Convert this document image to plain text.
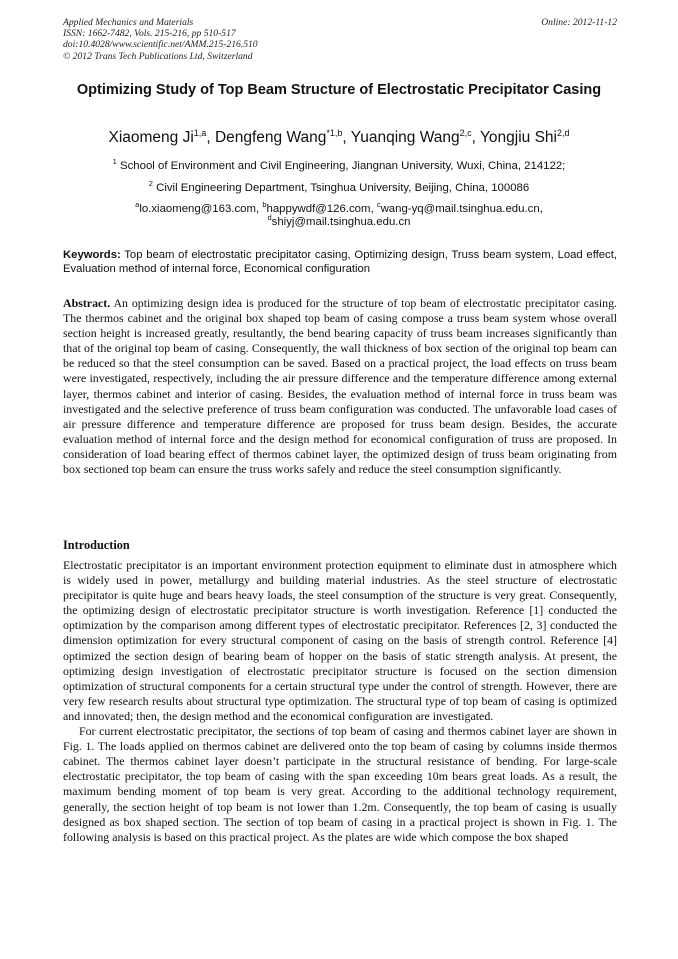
Applied Mechanics and Materials
ISSN: 1662-7482, Vols. 215-216, pp 510-517
doi:10.4028/www.scientific.net/AMM.215-216.510
© 2012 Trans Tech Publications Ltd, Switzerland
Online: 2012-11-12
Optimizing Study of Top Beam Structure of Electrostatic Precipitator Casing
Xiaomeng Ji$^{1,a}$, Dengfeng Wang$^{*1,b}$, Yuanqing Wang$^{2,c}$, Yongjiu Shi$^{2,d}$
$^1$ School of Environment and Civil Engineering, Jiangnan University, Wuxi, China, 214122;
$^2$ Civil Engineering Department, Tsinghua University, Beijing, China, 100086
$^a$lo.xiaomeng@163.com, $^b$happywdf@126.com, $^c$wang-yq@mail.tsinghua.edu.cn,
$^d$shiyj@mail.tsinghua.edu.cn
Keywords: Top beam of electrostatic precipitator casing, Optimizing design, Truss beam system, Load effect, Evaluation method of internal force, Economical configuration
Abstract. An optimizing design idea is produced for the structure of top beam of electrostatic precipitator casing. The thermos cabinet and the original box shaped top beam of casing compose a truss beam system whose overall section height is increased greatly, resultantly, the bend bearing capacity of truss beam increases significantly than that of the original top beam of casing. Consequently, the wall thickness of box section of the original top beam can be reduced so that the steel consumption can be saved. Based on a practical project, the load effects on truss beam were investigated, respectively, including the air pressure difference and the temperature difference among external layer, thermos cabinet and interior of casing. Besides, the evaluation method of internal force in truss beam was investigated and the selective preference of truss beam configuration was conducted. The unfavorable load cases of air pressure difference and temperature difference are proposed for truss beam design. Besides, the accurate evaluation method of internal force and the design method for economical configuration of truss are proposed. In consideration of load bearing effect of thermos cabinet layer, the optimized design of truss beam originating from box sectioned top beam can ensure the truss works safely and reduce the steel consumption significantly.
Introduction

Electrostatic precipitator is an important environment protection equipment to eliminate dust in atmosphere which is widely used in power, metallurgy and building material industries. As the steel structure of electrostatic precipitator is quite huge and bears heavy loads, the steel consumption of the structure is very great. Consequently, the optimizing design of electrostatic precipitator structure is worth investigation. Reference [1] conducted the optimization by the comparison among different types of electrostatic precipitator. References [2, 3] conducted the dimension optimization for every structural component of casing on the basis of strength control. Reference [4] optimized the section design of bearing beam of hopper on the basis of static strength analysis. At present, the optimizing design investigation of electrostatic precipitator structure is focused on the section dimension optimization of structural components for a certain structural type under the control of strength. However, there are very few research results about structural type optimization. The structural type of top beam of casing is optimized and innovated; then, the design method and the economical configuration are investigated.

For current electrostatic precipitator, the sections of top beam of casing and thermos cabinet layer are shown in Fig. 1. The loads applied on thermos cabinet are delivered onto the top beam of casing by columns inside thermos cabinet. The thermos cabinet layer doesn’t participate in the structural resistance of bending. For large-scale electrostatic precipitator, the top beam of casing with the span exceeding 10m bears great loads. As a result, the maximum bending moment of top beam is very great. According to the additional technology requirement, generally, the section height of top beam is not lower than 1.2m. Consequently, the top beam of casing is usually designed as box shaped section. The section of top beam of casing in a practical project is shown in Fig. 1. The following analysis is based on this practical project. As the plates are wide which compose the box shaped
